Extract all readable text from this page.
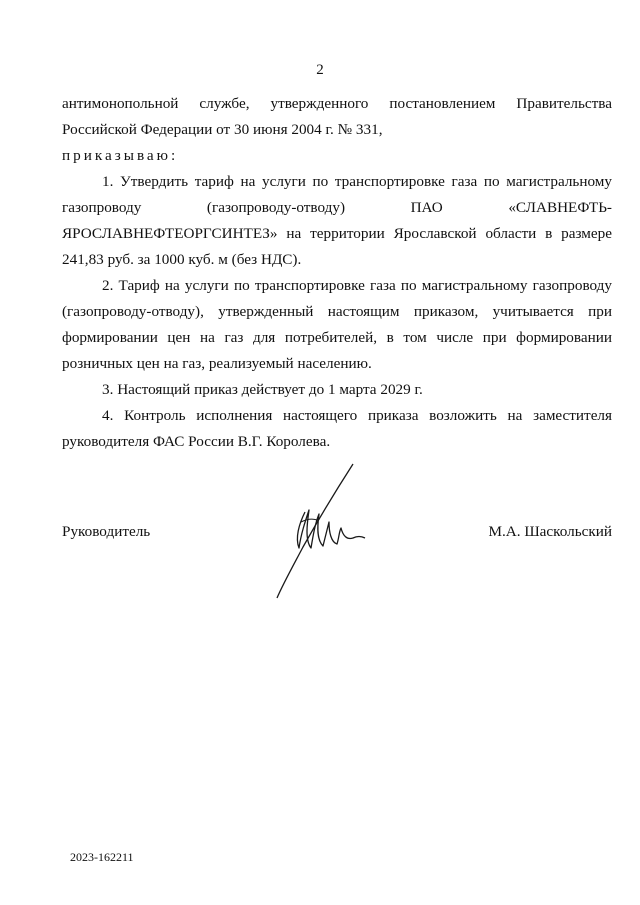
2
антимонопольной службе, утвержденного постановлением Правительства
Российской Федерации от 30 июня 2004 г. № 331,
приказываю:
1. Утвердить тариф на услуги по транспортировке газа по магистральному
газопроводу (газопроводу-отводу) ПАО «СЛАВНЕФТЬ-
ЯРОСЛАВНЕФТЕОРГСИНТЕЗ» на территории Ярославской области в размере
241,83 руб. за 1000 куб. м (без НДС).
2. Тариф на услуги по транспортировке газа по магистральному газопроводу
(газопроводу-отводу), утвержденный настоящим приказом, учитывается при
формировании цен на газ для потребителей, в том числе при формировании
розничных цен на газ, реализуемый населению.
3. Настоящий приказ действует до 1 марта 2029 г.
4. Контроль исполнения настоящего приказа возложить на заместителя
руководителя ФАС России В.Г. Королева.
Руководитель	М.А. Шаскольский
2023-162211
